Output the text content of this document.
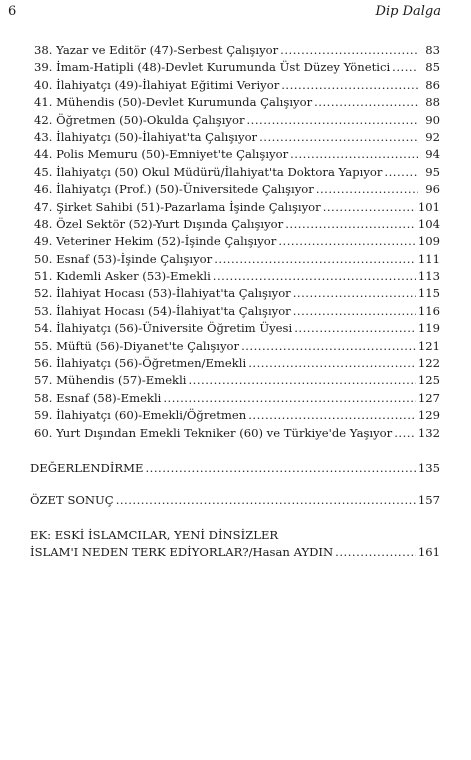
6	Dip Dalga
38. Yazar ve Editör (47)-Serbest Çalışıyor .....	83
39. İmam-Hatipli (48)-Devlet Kurumunda Üst Düzey Yönetici .....	85
40. İlahiyatçı (49)-İlahiyat Eğitimi Veriyor .....	86
41. Mühendis (50)-Devlet Kurumunda Çalışıyor .....	88
42. Öğretmen (50)-Okulda Çalışıyor .....	90
43. İlahiyatçı (50)-İlahiyat'ta Çalışıyor .....	92
44. Polis Memuru (50)-Emniyet'te Çalışıyor .....	94
45. İlahiyatçı (50) Okul Müdürü/İlahiyat'ta Doktora Yapıyor .....	95
46. İlahiyatçı (Prof.) (50)-Üniversitede Çalışıyor .....	96
47. Şirket Sahibi (51)-Pazarlama İşinde Çalışıyor .....	101
48. Özel Sektör (52)-Yurt Dışında Çalışıyor .....	104
49. Veteriner Hekim (52)-İşinde Çalışıyor .....	109
50. Esnaf (53)-İşinde Çalışıyor .....	111
51. Kıdemli Asker (53)-Emekli .....	113
52. İlahiyat Hocası (53)-İlahiyat'ta Çalışıyor .....	115
53. İlahiyat Hocası (54)-İlahiyat'ta Çalışıyor .....	116
54. İlahiyatçı (56)-Üniversite Öğretim Üyesi .....	119
55. Müftü (56)-Diyanet'te Çalışıyor .....	121
56. İlahiyatçı (56)-Öğretmen/Emekli .....	122
57. Mühendis (57)-Emekli .....	125
58. Esnaf (58)-Emekli .....	127
59. İlahiyatçı (60)-Emekli/Öğretmen .....	129
60. Yurt Dışından Emekli Tekniker (60) ve Türkiye'de Yaşıyor ..... 132
DEĞERLENDİRME .....	135
ÖZET SONUÇ .....	157
EK: ESKİ İSLAMCILAR, YENİ DİNSİZLER
İSLAM'I NEDEN TERK EDİYORLAR?/Hasan AYDIN .....	161
